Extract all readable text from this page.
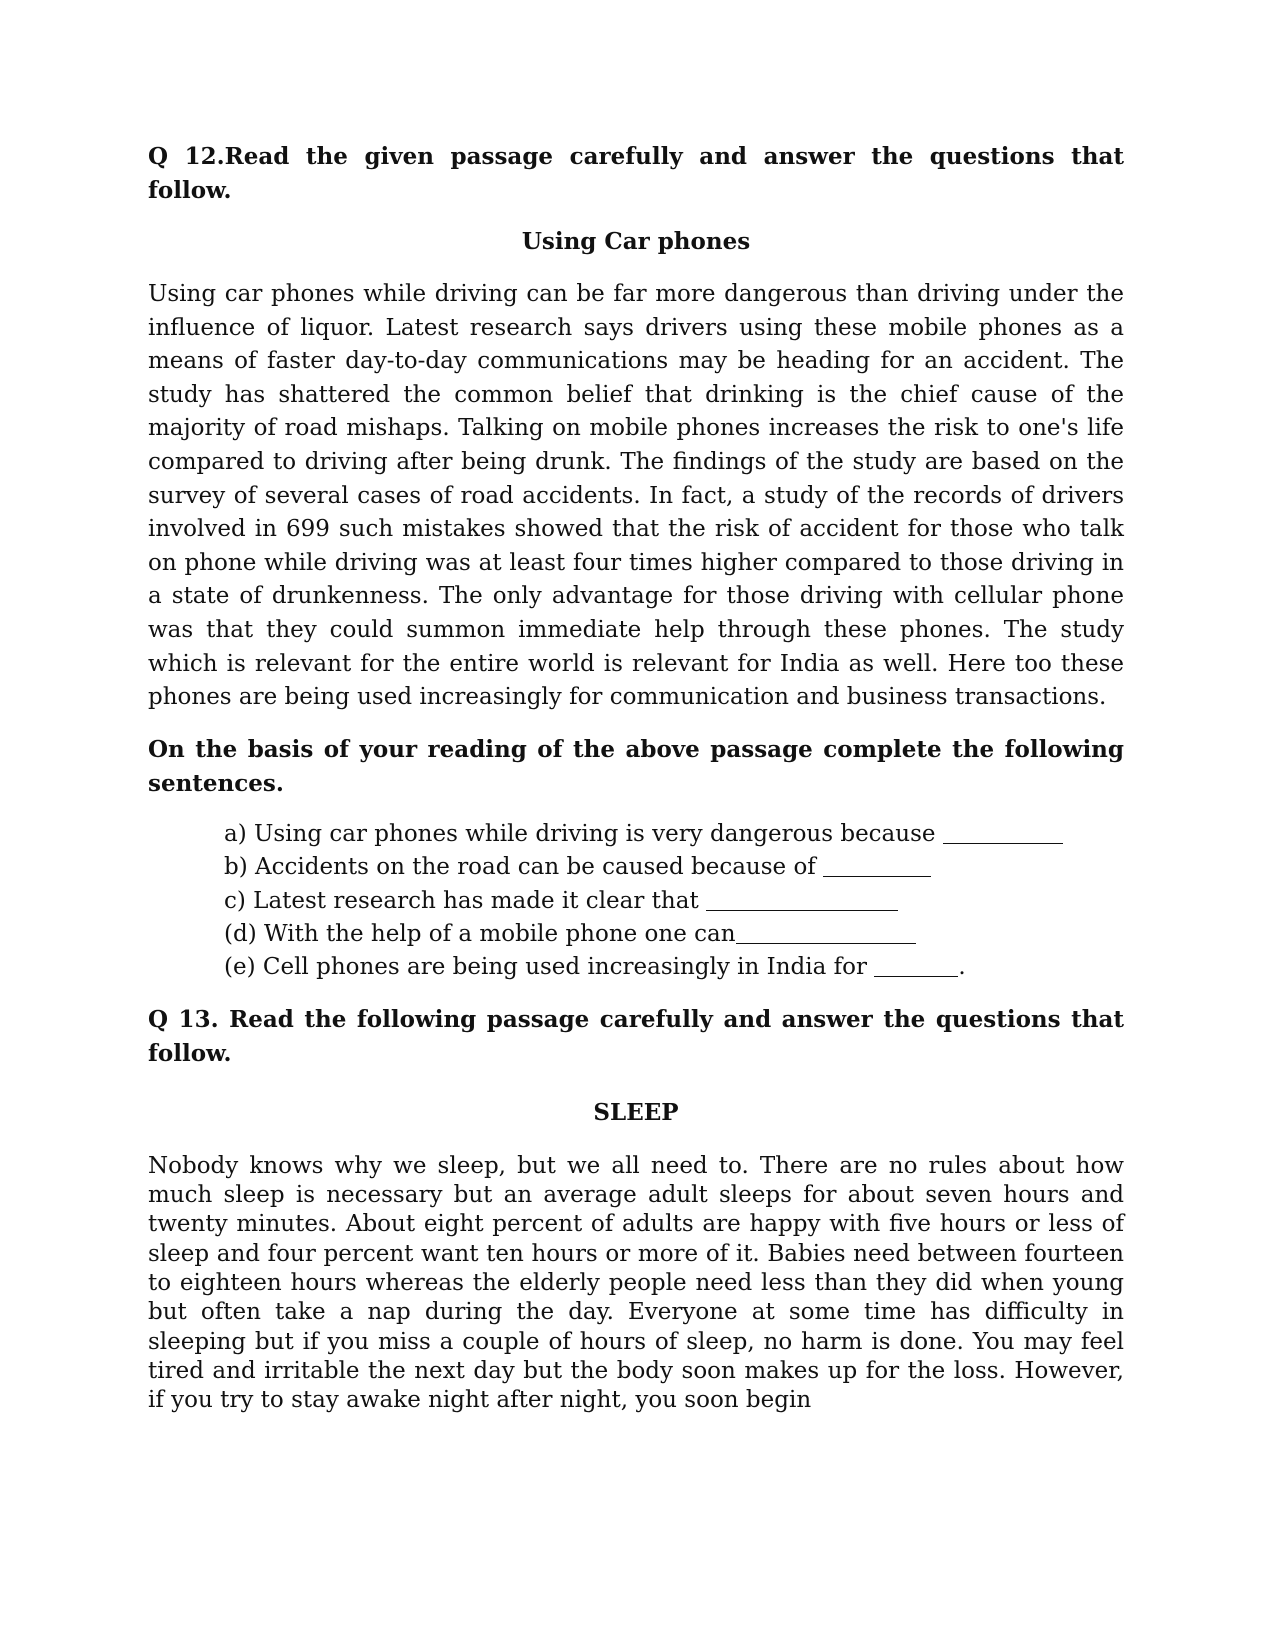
Q 12.Read the given passage carefully and answer the questions that follow.

Using Car phones

Using car phones while driving can be far more dangerous than driving under the influence of liquor. Latest research says drivers using these mobile phones as a means of faster day-to-day communications may be heading for an accident. The study has shattered the common belief that drinking is the chief cause of the majority of road mishaps. Talking on mobile phones increases the risk to one's life compared to driving after being drunk. The findings of the study are based on the survey of several cases of road accidents. In fact, a study of the records of drivers involved in 699 such mistakes showed that the risk of accident for those who talk on phone while driving was at least four times higher compared to those driving in a state of drunkenness. The only advantage for those driving with cellular phone was that they could summon immediate help through these phones. The study which is relevant for the entire world is relevant for India as well. Here too these phones are being used increasingly for communication and business transactions.

On the basis of your reading of the above passage complete the following sentences.

a) Using car phones while driving is very dangerous because
b) Accidents on the road can be caused because of
c) Latest research has made it clear that
(d) With the help of a mobile phone one can
(e) Cell phones are being used increasingly in India for	.

Q 13. Read the following passage carefully and answer the questions that follow.

SLEEP

Nobody knows why we sleep, but we all need to. There are no rules about how much sleep is necessary but an average adult sleeps for about seven hours and twenty minutes. About eight percent of adults are happy with five hours or less of sleep and four percent want ten hours or more of it. Babies need between fourteen to eighteen hours whereas the elderly people need less than they did when young but often take a nap during the day. Everyone at some time has difficulty in sleeping but if you miss a couple of hours of sleep, no harm is done. You may feel tired and irritable the next day but the body soon makes up for the loss. However, if you try to stay awake night after night, you soon begin
